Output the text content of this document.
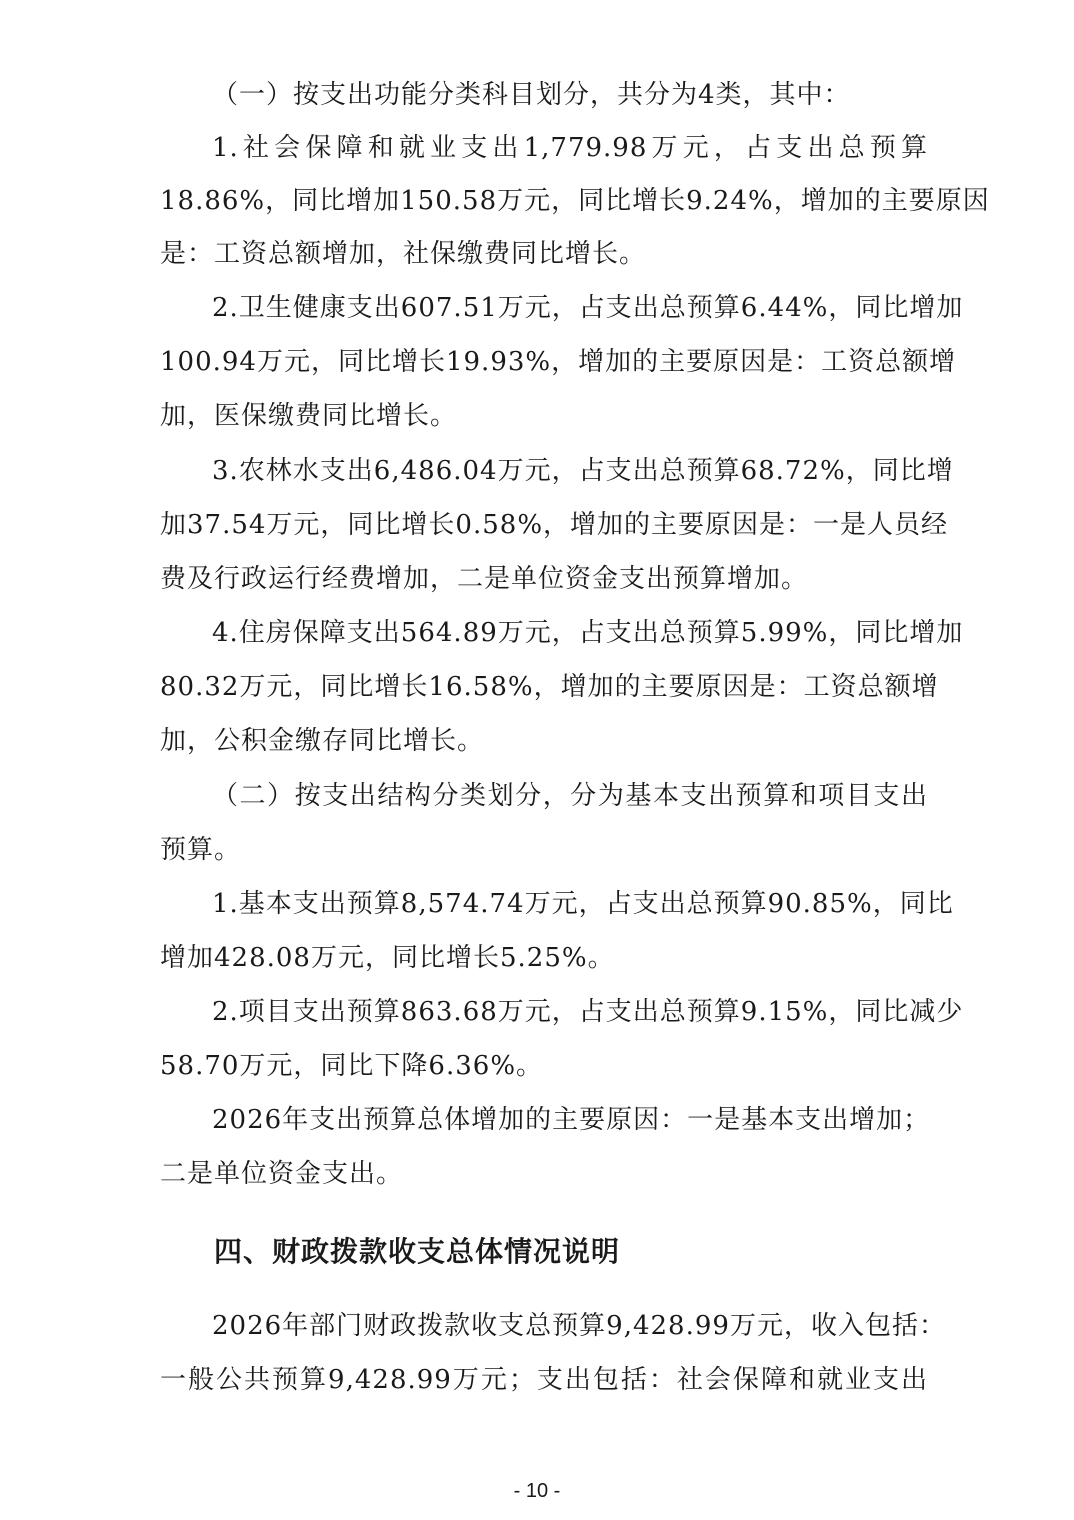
（一）按支出功能分类科目划分，共分为4类，其中：
1.社会保障和就业支出1,779.98万元，占支出总预算
18.86%，同比增加150.58万元，同比增长9.24%，增加的主要原因
是：工资总额增加，社保缴费同比增长。
2.卫生健康支出607.51万元，占支出总预算6.44%，同比增加
100.94万元，同比增长19.93%，增加的主要原因是：工资总额增
加，医保缴费同比增长。
3.农林水支出6,486.04万元，占支出总预算68.72%，同比增
加37.54万元，同比增长0.58%，增加的主要原因是：一是人员经
费及行政运行经费增加，二是单位资金支出预算增加。
4.住房保障支出564.89万元，占支出总预算5.99%，同比增加
80.32万元，同比增长16.58%，增加的主要原因是：工资总额增
加，公积金缴存同比增长。
（二）按支出结构分类划分，分为基本支出预算和项目支出
预算。
1.基本支出预算8,574.74万元，占支出总预算90.85%，同比
增加428.08万元，同比增长5.25%。
2.项目支出预算863.68万元，占支出总预算9.15%，同比减少
58.70万元，同比下降6.36%。
2026年支出预算总体增加的主要原因：一是基本支出增加；
二是单位资金支出。
四、财政拨款收支总体情况说明
2026年部门财政拨款收支总预算9,428.99万元，收入包括：
一般公共预算9,428.99万元；支出包括：社会保障和就业支出
- 10 -
